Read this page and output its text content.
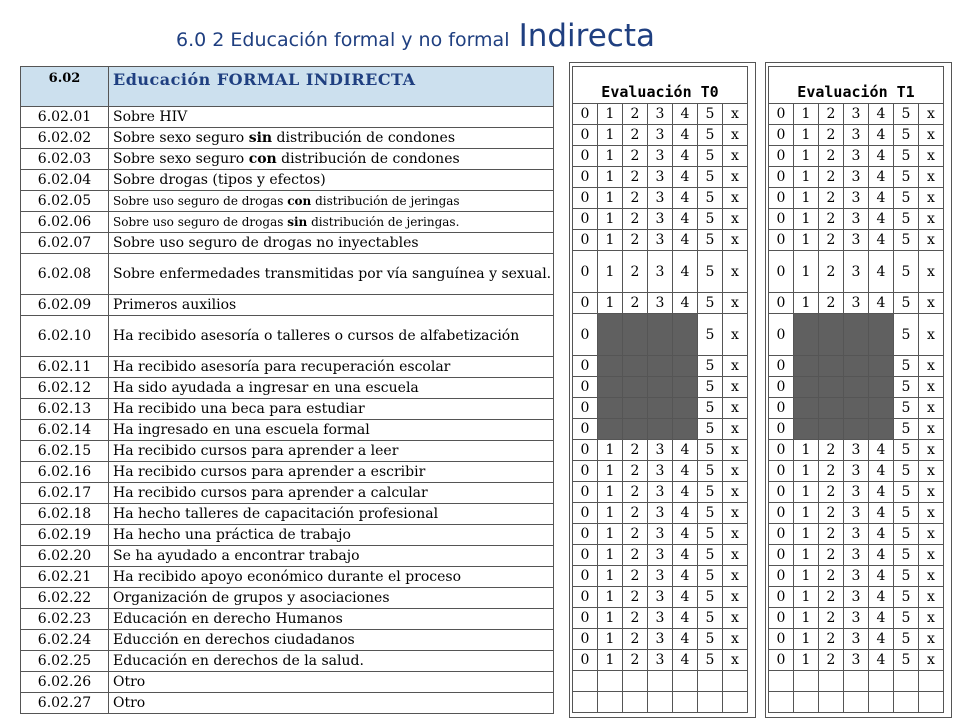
6.0 2 Educación formal y no formal Indirecta
6.02	Educación FORMAL INDIRECTA
6.02.01	Sobre HIV
6.02.02	Sobre sexo seguro sin distribución de condones
6.02.03	Sobre sexo seguro con distribución de condones
6.02.04	Sobre drogas (tipos y efectos)
6.02.05	Sobre uso seguro de drogas con distribución de jeringas
6.02.06	Sobre uso seguro de drogas sin distribución de jeringas.
6.02.07	Sobre uso seguro de drogas no inyectables
6.02.08	Sobre enfermedades transmitidas por vía sanguínea y sexual.
6.02.09	Primeros auxilios
6.02.10	Ha recibido asesoría o talleres o cursos de alfabetización
6.02.11	Ha recibido asesoría para recuperación escolar
6.02.12	Ha sido ayudada a ingresar en una escuela
6.02.13	Ha recibido una beca para estudiar
6.02.14	Ha ingresado en una escuela formal
6.02.15	Ha recibido cursos para aprender a leer
6.02.16	Ha recibido cursos para aprender a escribir
6.02.17	Ha recibido cursos para aprender a calcular
6.02.18	Ha hecho talleres de capacitación profesional
6.02.19	Ha hecho una práctica de trabajo
6.02.20	Se ha ayudado a encontrar trabajo
6.02.21	Ha recibido apoyo económico durante el proceso
6.02.22	Organización de grupos y asociaciones
6.02.23	Educación en derecho Humanos
6.02.24	Educción en derechos ciudadanos
6.02.25	Educación en derechos de la salud.
6.02.26	Otro
6.02.27	Otro
Evaluación T0						
0	1	2	3	4	5	x
0	1	2	3	4	5	x
0	1	2	3	4	5	x
0	1	2	3	4	5	x
0	1	2	3	4	5	x
0	1	2	3	4	5	x
0	1	2	3	4	5	x
0	1	2	3	4	5	x
0	1	2	3	4	5	x
0					5	x
0					5	x
0					5	x
0					5	x
0					5	x
0	1	2	3	4	5	x
0	1	2	3	4	5	x
0	1	2	3	4	5	x
0	1	2	3	4	5	x
0	1	2	3	4	5	x
0	1	2	3	4	5	x
0	1	2	3	4	5	x
0	1	2	3	4	5	x
0	1	2	3	4	5	x
0	1	2	3	4	5	x
0	1	2	3	4	5	x

Evaluación T1						
0	1	2	3	4	5	x
0	1	2	3	4	5	x
0	1	2	3	4	5	x
0	1	2	3	4	5	x
0	1	2	3	4	5	x
0	1	2	3	4	5	x
0	1	2	3	4	5	x
0	1	2	3	4	5	x
0	1	2	3	4	5	x
0					5	x
0					5	x
0					5	x
0					5	x
0					5	x
0	1	2	3	4	5	x
0	1	2	3	4	5	x
0	1	2	3	4	5	x
0	1	2	3	4	5	x
0	1	2	3	4	5	x
0	1	2	3	4	5	x
0	1	2	3	4	5	x
0	1	2	3	4	5	x
0	1	2	3	4	5	x
0	1	2	3	4	5	x
0	1	2	3	4	5	x
